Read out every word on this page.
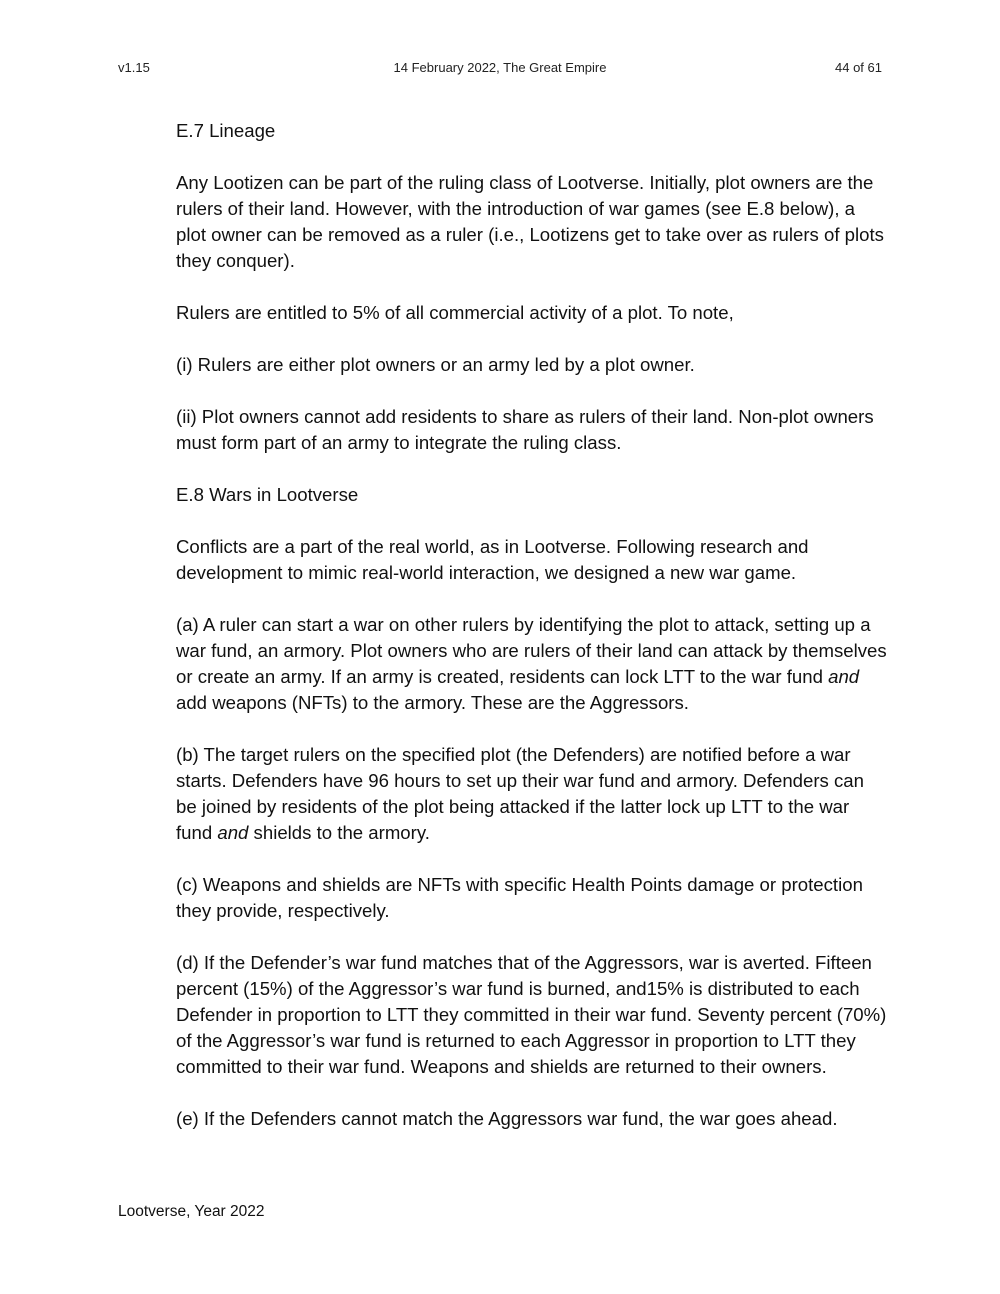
v1.15	14 February 2022, The Great Empire	44 of 61

E.7 Lineage

Any Lootizen can be part of the ruling class of Lootverse. Initially, plot owners are the rulers of their land. However, with the introduction of war games (see E.8 below), a plot owner can be removed as a ruler (i.e., Lootizens get to take over as rulers of plots they conquer).

Rulers are entitled to 5% of all commercial activity of a plot. To note,

(i) Rulers are either plot owners or an army led by a plot owner.

(ii) Plot owners cannot add residents to share as rulers of their land. Non-plot owners must form part of an army to integrate the ruling class.

E.8 Wars in Lootverse

Conflicts are a part of the real world, as in Lootverse. Following research and development to mimic real-world interaction, we designed a new war game.

(a) A ruler can start a war on other rulers by identifying the plot to attack, setting up a war fund, an armory. Plot owners who are rulers of their land can attack by themselves or create an army. If an army is created, residents can lock LTT to the war fund and add weapons (NFTs) to the armory. These are the Aggressors.

(b) The target rulers on the specified plot (the Defenders) are notified before a war starts. Defenders have 96 hours to set up their war fund and armory. Defenders can be joined by residents of the plot being attacked if the latter lock up LTT to the war fund and shields to the armory.

(c) Weapons and shields are NFTs with specific Health Points damage or protection they provide, respectively.

(d) If the Defender’s war fund matches that of the Aggressors, war is averted. Fifteen percent (15%) of the Aggressor’s war fund is burned, and15% is distributed to each Defender in proportion to LTT they committed in their war fund. Seventy percent (70%) of the Aggressor’s war fund is returned to each Aggressor in proportion to LTT they committed to their war fund. Weapons and shields are returned to their owners.

(e) If the Defenders cannot match the Aggressors war fund, the war goes ahead.

Lootverse, Year 2022
